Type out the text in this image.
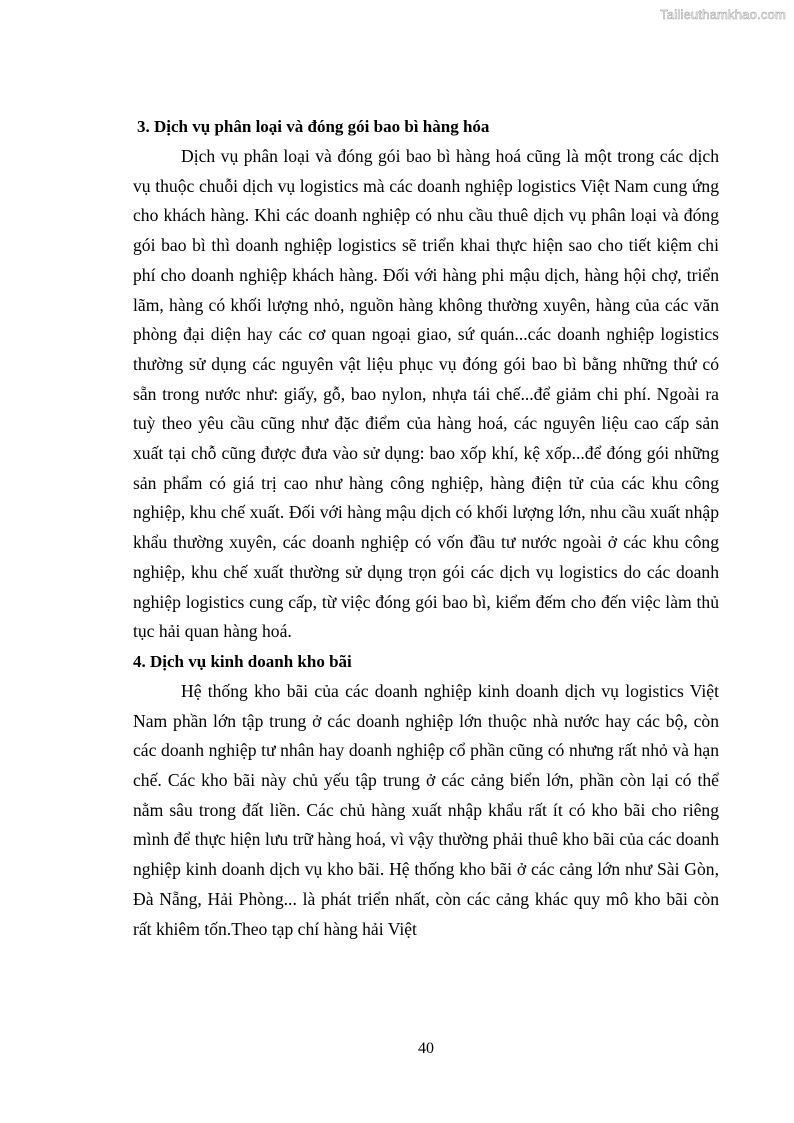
Tailieuthamkhao.com
3. Dịch vụ phân loại và đóng gói bao bì hàng hóa

Dịch vụ phân loại và đóng gói bao bì hàng hoá cũng là một trong các dịch vụ thuộc chuỗi dịch vụ logistics mà các doanh nghiệp logistics Việt Nam cung ứng cho khách hàng. Khi các doanh nghiệp có nhu cầu thuê dịch vụ phân loại và đóng gói bao bì thì doanh nghiệp logistics sẽ triển khai thực hiện sao cho tiết kiệm chi phí cho doanh nghiệp khách hàng. Đối với hàng phi mậu dịch, hàng hội chợ, triển lãm, hàng có khối lượng nhỏ, nguồn hàng không thường xuyên, hàng của các văn phòng đại diện hay các cơ quan ngoại giao, sứ quán...các doanh nghiệp logistics thường sử dụng các nguyên vật liệu phục vụ đóng gói bao bì bằng những thứ có sẵn trong nước như: giấy, gỗ, bao nylon, nhựa tái chế...để giảm chi phí. Ngoài ra tuỳ theo yêu cầu cũng như đặc điểm của hàng hoá, các nguyên liệu cao cấp sản xuất tại chỗ cũng được đưa vào sử dụng: bao xốp khí, kệ xốp...để đóng gói những sản phẩm có giá trị cao như hàng công nghiệp, hàng điện tử của các khu công nghiệp, khu chế xuất. Đối với hàng mậu dịch có khối lượng lớn, nhu cầu xuất nhập khẩu thường xuyên, các doanh nghiệp có vốn đầu tư nước ngoài ở các khu công nghiệp, khu chế xuất thường sử dụng trọn gói các dịch vụ logistics do các doanh nghiệp logistics cung cấp, từ việc đóng gói bao bì, kiểm đếm cho đến việc làm thủ tục hải quan hàng hoá.

4. Dịch vụ kinh doanh kho bãi

Hệ thống kho bãi của các doanh nghiệp kinh doanh dịch vụ logistics Việt Nam phần lớn tập trung ở các doanh nghiệp lớn thuộc nhà nước hay các bộ, còn các doanh nghiệp tư nhân hay doanh nghiệp cổ phần cũng có nhưng rất nhỏ và hạn chế. Các kho bãi này chủ yếu tập trung ở các cảng biển lớn, phần còn lại có thể nằm sâu trong đất liền. Các chủ hàng xuất nhập khẩu rất ít có kho bãi cho riêng mình để thực hiện lưu trữ hàng hoá, vì vậy thường phải thuê kho bãi của các doanh nghiệp kinh doanh dịch vụ kho bãi. Hệ thống kho bãi ở các cảng lớn như Sài Gòn, Đà Nẵng, Hải Phòng... là phát triển nhất, còn các cảng khác quy mô kho bãi còn rất khiêm tốn.Theo tạp chí hàng hải Việt

40
